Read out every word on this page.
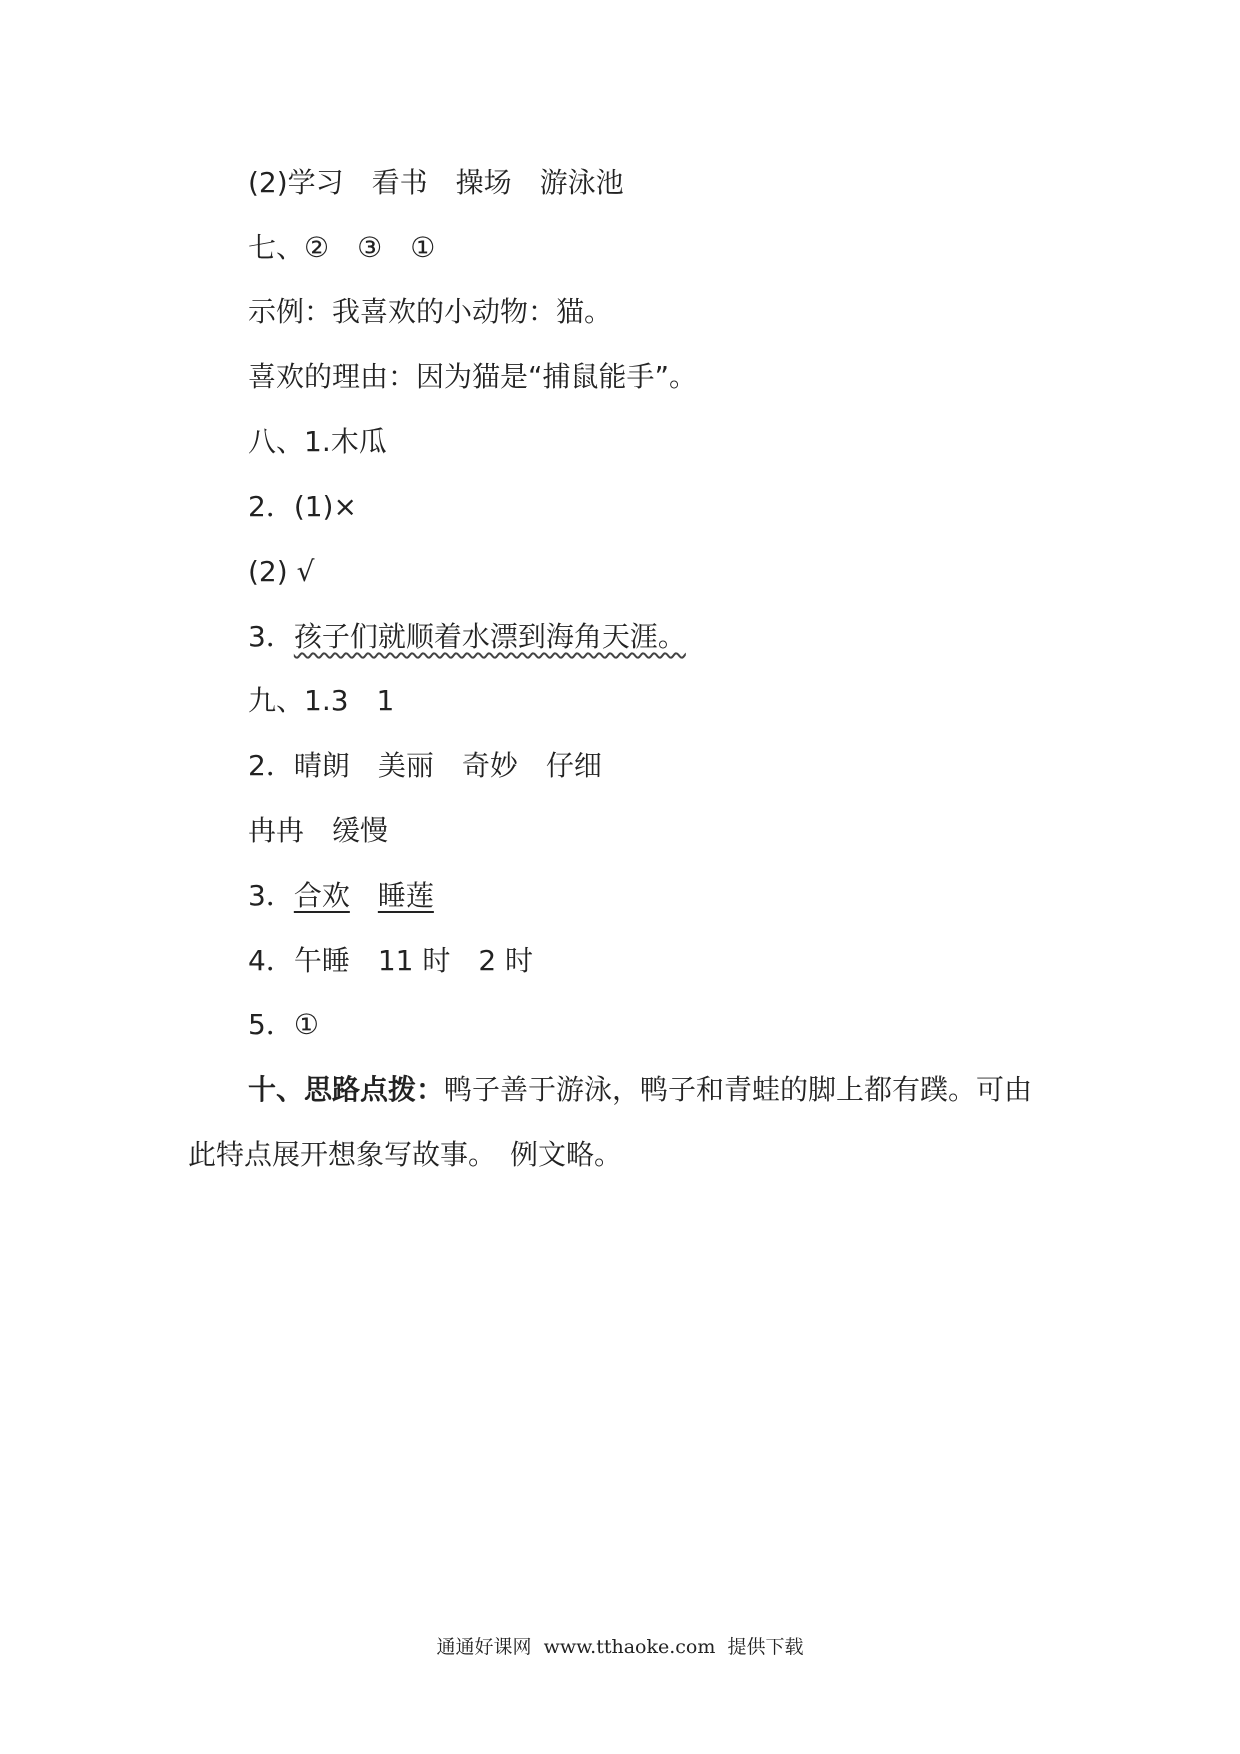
(2)学习　看书　操场　游泳池
七、②　③　①
示例：我喜欢的小动物：猫。
喜欢的理由：因为猫是“捕鼠能手”。
八、1.木瓜
2．(1)×
(2) √
3．孩子们就顺着水漂到海角天涯。
九、1.3　1
2．晴朗　美丽　奇妙　仔细
冉冉　缓慢
3．合欢 睡莲
4．午睡　11 时　2 时
5．①
十、思路点拨：鸭子善于游泳，鸭子和青蛙的脚上都有蹼。可由
此特点展开想象写故事。　例文略。
通通好课网  www.tthaoke.com  提供下载
